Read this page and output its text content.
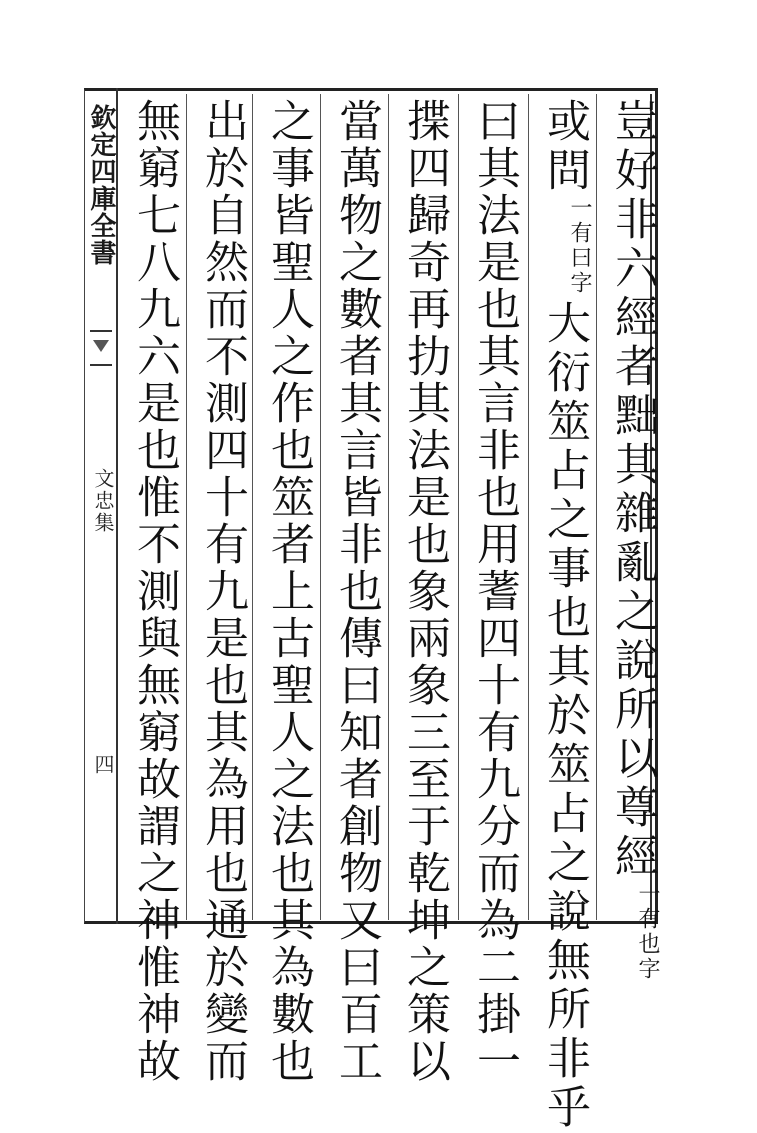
欽定四庫全書
文忠集
四	豈好非六經者黜其雜亂之說所以尊經一有也字
或問一有曰字大衍筮占之事也其於筮占之說無所非乎
曰其法是也其言非也用蓍四十有九分而為二掛一
揲四歸奇再扐其法是也象兩象三至于乾坤之策以
當萬物之數者其言皆非也傳曰知者創物又曰百工
之事皆聖人之作也筮者上古聖人之法也其為數也
出於自然而不測四十有九是也其為用也通於變而
無窮七八九六是也惟不測與無窮故謂之神惟神故
